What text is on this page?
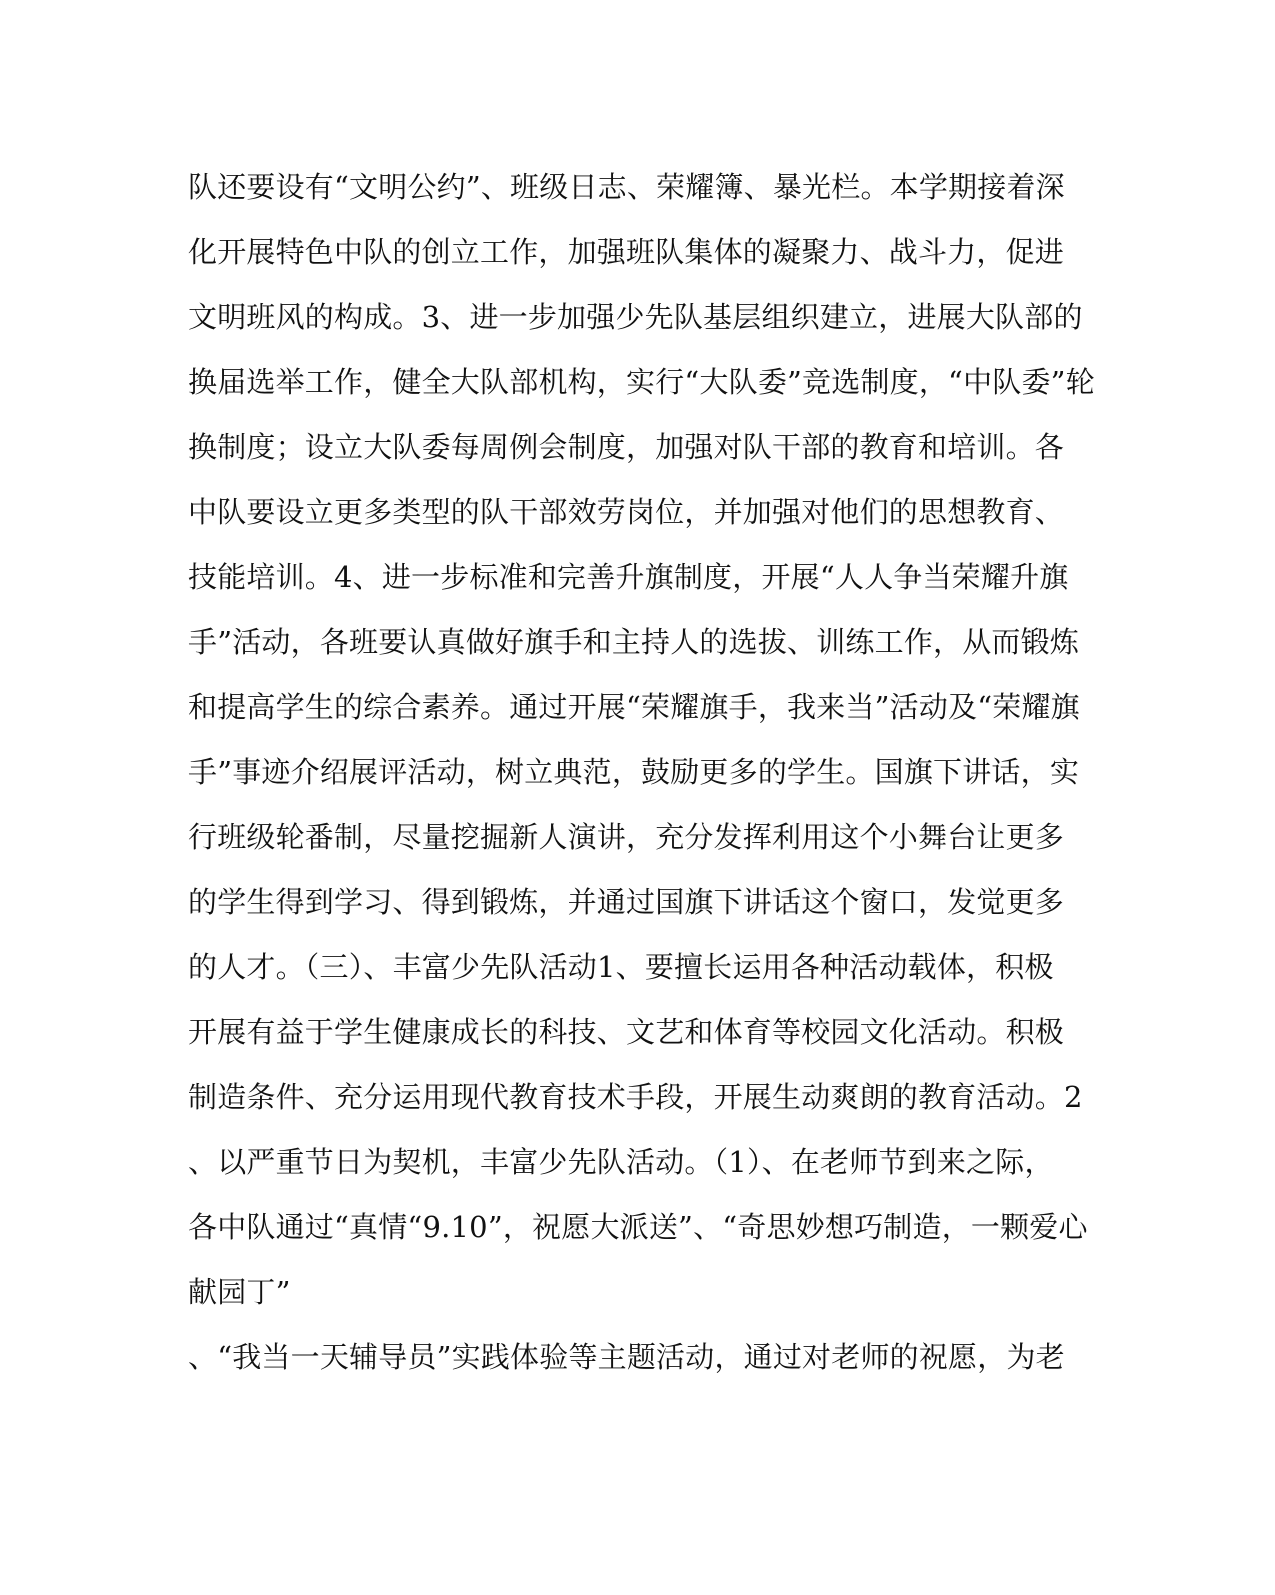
队还要设有“文明公约”、班级日志、荣耀簿、暴光栏。本学期接着深
化开展特色中队的创立工作，加强班队集体的凝聚力、战斗力，促进
文明班风的构成。3、进一步加强少先队基层组织建立，进展大队部的
换届选举工作，健全大队部机构，实行“大队委”竞选制度，“中队委”轮
换制度；设立大队委每周例会制度，加强对队干部的教育和培训。各
中队要设立更多类型的队干部效劳岗位，并加强对他们的思想教育、
技能培训。4、进一步标准和完善升旗制度，开展“人人争当荣耀升旗
手”活动，各班要认真做好旗手和主持人的选拔、训练工作，从而锻炼
和提高学生的综合素养。通过开展“荣耀旗手，我来当”活动及“荣耀旗
手”事迹介绍展评活动，树立典范，鼓励更多的学生。国旗下讲话，实
行班级轮番制，尽量挖掘新人演讲，充分发挥利用这个小舞台让更多
的学生得到学习、得到锻炼，并通过国旗下讲话这个窗口，发觉更多
的人才。（三）、丰富少先队活动1、要擅长运用各种活动载体，积极
开展有益于学生健康成长的科技、文艺和体育等校园文化活动。积极
制造条件、充分运用现代教育技术手段，开展生动爽朗的教育活动。2
、以严重节日为契机，丰富少先队活动。（1）、在老师节到来之际，
各中队通过“真情“9.10”，祝愿大派送”、“奇思妙想巧制造，一颗爱心
献园丁”
、“我当一天辅导员”实践体验等主题活动，通过对老师的祝愿，为老
